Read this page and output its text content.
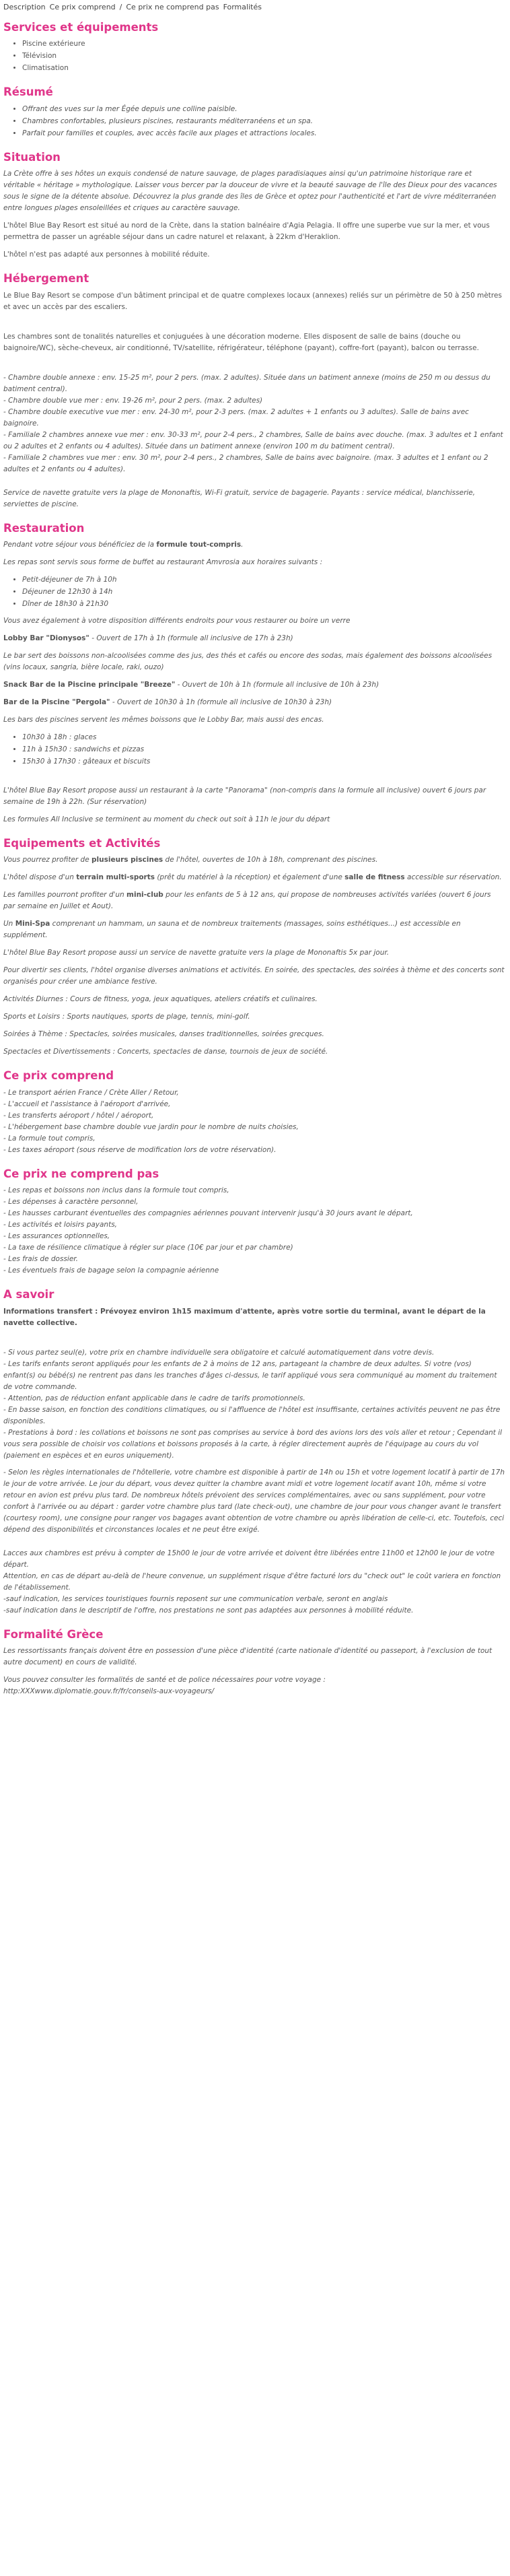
Description Ce prix comprend / Ce prix ne comprend pas Formalités
Services et équipements
• Piscine extérieure
• Télévision
• Climatisation
Résumé
• Offrant des vues sur la mer Égée depuis une colline paisible.
• Chambres confortables, plusieurs piscines, restaurants méditerranéens et un spa.
• Parfait pour familles et couples, avec accès facile aux plages et attractions locales.
Situation

La Crète offre à ses hôtes un exquis condensé de nature sauvage, de plages paradisiaques ainsi qu'un patrimoine historique rare et véritable « héritage » mythologique. Laisser vous bercer par la douceur de vivre et la beauté sauvage de l'île des Dieux pour des vacances sous le signe de la détente absolue. Découvrez la plus grande des îles de Grèce et optez pour l'authenticité et l'art de vivre méditerranéen entre longues plages ensoleillées et criques au caractère sauvage.

L'hôtel Blue Bay Resort est situé au nord de la Crète, dans la station balnéaire d'Agia Pelagia. Il offre une superbe vue sur la mer, et vous permettra de passer un agréable séjour dans un cadre naturel et relaxant, à 22km d'Heraklion.

L'hôtel n'est pas adapté aux personnes à mobilité réduite.

Hébergement

Le Blue Bay Resort se compose d'un bâtiment principal et de quatre complexes locaux (annexes) reliés sur un périmètre de 50 à 250 mètres et avec un accès par des escaliers.

Les chambres sont de tonalités naturelles et conjuguées à une décoration moderne. Elles disposent de salle de bains (douche ou baignoire/WC), sèche-cheveux, air conditionné, TV/satellite, réfrigérateur, téléphone (payant), coffre-fort (payant), balcon ou terrasse.

- Chambre double annexe : env. 15-25 m², pour 2 pers. (max. 2 adultes). Située dans un batiment annexe (moins de 250 m ou dessus du batiment central).

- Chambre double vue mer : env. 19-26 m², pour 2 pers. (max. 2 adultes)

- Chambre double executive vue mer : env. 24-30 m², pour 2-3 pers. (max. 2 adultes + 1 enfants ou 3 adultes). Salle de bains avec baignoire.

- Familiale 2 chambres annexe vue mer : env. 30-33 m², pour 2-4 pers., 2 chambres, Salle de bains avec douche. (max. 3 adultes et 1 enfant ou 2 adultes et 2 enfants ou 4 adultes). Située dans un batiment annexe (environ 100 m du batiment central).

- Familiale 2 chambres vue mer : env. 30 m², pour 2-4 pers., 2 chambres, Salle de bains avec baignoire. (max. 3 adultes et 1 enfant ou 2 adultes et 2 enfants ou 4 adultes).

Service de navette gratuite vers la plage de Mononaftis, Wi-Fi gratuit, service de bagagerie. Payants : service médical, blanchisserie, serviettes de piscine.

Restauration

Pendant votre séjour vous bénéficiez de la formule tout-compris.

Les repas sont servis sous forme de buffet au restaurant Amvrosia aux horaires suivants :

• Petit-déjeuner de 7h à 10h
• Déjeuner de 12h30 à 14h
• Dîner de 18h30 à 21h30

Vous avez également à votre disposition différents endroits pour vous restaurer ou boire un verre

Lobby Bar "Dionysos" - Ouvert de 17h à 1h (formule all inclusive de 17h à 23h)

Le bar sert des boissons non-alcoolisées comme des jus, des thés et cafés ou encore des sodas, mais également des boissons alcoolisées (vins locaux, sangria, bière locale, raki, ouzo)

Snack Bar de la Piscine principale "Breeze" - Ouvert de 10h à 1h (formule all inclusive de 10h à 23h)

Bar de la Piscine "Pergola" - Ouvert de 10h30 à 1h (formule all inclusive de 10h30 à 23h)

Les bars des piscines servent les mêmes boissons que le Lobby Bar, mais aussi des encas.

• 10h30 à 18h : glaces
• 11h à 15h30 : sandwichs et pizzas
• 15h30 à 17h30 : gâteaux et biscuits

L'hôtel Blue Bay Resort propose aussi un restaurant à la carte "Panorama" (non-compris dans la formule all inclusive) ouvert 6 jours par semaine de 19h à 22h. (Sur réservation)

Les formules All Inclusive se terminent au moment du check out soit à 11h le jour du départ

Equipements et Activités

Vous pourrez profiter de plusieurs piscines de l'hôtel, ouvertes de 10h à 18h, comprenant des piscines.

L'hôtel dispose d'un terrain multi-sports (prêt du matériel à la réception) et également d'une salle de fitness accessible sur réservation.

Les familles pourront profiter d'un mini-club pour les enfants de 5 à 12 ans, qui propose de nombreuses activités variées (ouvert 6 jours par semaine en Juillet et Aout).

Un Mini-Spa comprenant un hammam, un sauna et de nombreux traitements (massages, soins esthétiques...) est accessible en supplément.

L'hôtel Blue Bay Resort propose aussi un service de navette gratuite vers la plage de Mononaftis 5x par jour.

Pour divertir ses clients, l'hôtel organise diverses animations et activités. En soirée, des spectacles, des soirées à thème et des concerts sont organisés pour créer une ambiance festive.

Activités Diurnes : Cours de fitness, yoga, jeux aquatiques, ateliers créatifs et culinaires.

Sports et Loisirs : Sports nautiques, sports de plage, tennis, mini-golf.

Soirées à Thème : Spectacles, soirées musicales, danses traditionnelles, soirées grecques.

Spectacles et Divertissements : Concerts, spectacles de danse, tournois de jeux de société.

Ce prix comprend

- Le transport aérien France / Crète Aller / Retour,

- L'accueil et l'assistance à l'aéroport d'arrivée,

- Les transferts aéroport / hôtel / aéroport,

- L'hébergement base chambre double vue jardin pour le nombre de nuits choisies,

- La formule tout compris,

- Les taxes aéroport (sous réserve de modification lors de votre réservation).

Ce prix ne comprend pas

- Les repas et boissons non inclus dans la formule tout compris,

- Les dépenses à caractère personnel,

- Les hausses carburant éventuelles des compagnies aériennes pouvant intervenir jusqu'à 30 jours avant le départ,

- Les activités et loisirs payants,

- Les assurances optionnelles,

- La taxe de résilience climatique à régler sur place (10€ par jour et par chambre)

- Les frais de dossier.

- Les éventuels frais de bagage selon la compagnie aérienne

A savoir

Informations transfert : Prévoyez environ 1h15 maximum d'attente, après votre sortie du terminal, avant le départ de la navette collective.

- Si vous partez seul(e), votre prix en chambre individuelle sera obligatoire et calculé automatiquement dans votre devis.

- Les tarifs enfants seront appliqués pour les enfants de 2 à moins de 12 ans, partageant la chambre de deux adultes. Si votre (vos) enfant(s) ou bébé(s) ne rentrent pas dans les tranches d'âges ci-dessus, le tarif appliqué vous sera communiqué au moment du traitement de votre commande.

- Attention, pas de réduction enfant applicable dans le cadre de tarifs promotionnels.

- En basse saison, en fonction des conditions climatiques, ou si l'affluence de l'hôtel est insuffisante, certaines activités peuvent ne pas être disponibles.

- Prestations à bord : les collations et boissons ne sont pas comprises au service à bord des avions lors des vols aller et retour ; Cependant il vous sera possible de choisir vos collations et boissons proposés à la carte, à régler directement auprès de l'équipage au cours du vol (paiement en espèces et en euros uniquement).

- Selon les règles internationales de l'hôtellerie, votre chambre est disponible à partir de 14h ou 15h et votre logement locatif à partir de 17h le jour de votre arrivée. Le jour du départ, vous devez quitter la chambre avant midi et votre logement locatif avant 10h, même si votre retour en avion est prévu plus tard. De nombreux hôtels prévoient des services complémentaires, avec ou sans supplément, pour votre confort à l'arrivée ou au départ : garder votre chambre plus tard (late check-out), une chambre de jour pour vous changer avant le transfert (courtesy room), une consigne pour ranger vos bagages avant obtention de votre chambre ou après libération de celle-ci, etc. Toutefois, ceci dépend des disponibilités et circonstances locales et ne peut être exigé.

Lacces aux chambres est prévu à compter de 15h00 le jour de votre arrivée et doivent être libérées entre 11h00 et 12h00 le jour de votre départ.

Attention, en cas de départ au-delà de l'heure convenue, un supplément risque d'être facturé lors du "check out" le coût variera en fonction de l'établissement.

-sauf indication, les services touristiques fournis reposent sur une communication verbale, seront en anglais

-sauf indication dans le descriptif de l'offre, nos prestations ne sont pas adaptées aux personnes à mobilité réduite.

Formalité Grèce

Les ressortissants français doivent être en possession d'une pièce d'identité (carte nationale d'identité ou passeport, à l'exclusion de tout autre document) en cours de validité.

Vous pouvez consulter les formalités de santé et de police nécessaires pour votre voyage :

http:XXXwww.diplomatie.gouv.fr/fr/conseils-aux-voyageurs/
